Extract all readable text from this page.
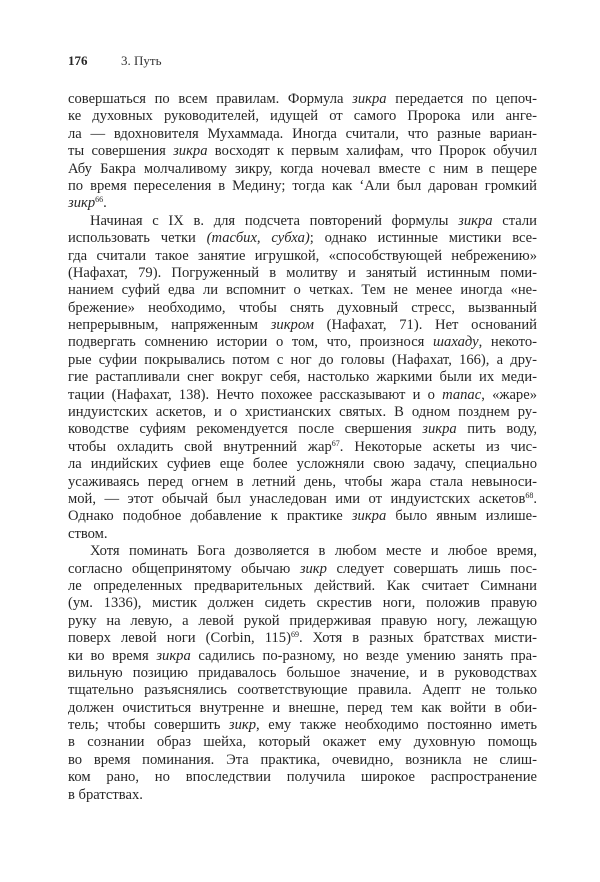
176	3. Путь
совершаться по всем правилам. Формула зикра передается по цепоч-
ке духовных руководителей, идущей от самого Пророка или анге-
ла — вдохновителя Мухаммада. Иногда считали, что разные вариан-
ты совершения зикра восходят к первым халифам, что Пророк обучил
Абу Бакра молчаливому зикру, когда ночевал вместе с ним в пещере
по время переселения в Медину; тогда как ‘Али был дарован громкий
зикр$^{66}$.
Начиная с IX в. для подсчета повторений формулы зикра стали
использовать четки (тасбих, субха); однако истинные мистики все-
гда считали такое занятие игрушкой, «способствующей небрежению»
(Нафахат, 79). Погруженный в молитву и занятый истинным поми-
нанием суфий едва ли вспомнит о четках. Тем не менее иногда «не-
брежение» необходимо, чтобы снять духовный стресс, вызванный
непрерывным, напряженным зикром (Нафахат, 71). Нет оснований
подвергать сомнению истории о том, что, произнося шахаду, некото-
рые суфии покрывались потом с ног до головы (Нафахат, 166), а дру-
гие растапливали снег вокруг себя, настолько жаркими были их меди-
тации (Нафахат, 138). Нечто похожее рассказывают и о тапас, «жаре»
индуистских аскетов, и о христианских святых. В одном позднем ру-
ководстве суфиям рекомендуется после свершения зикра пить воду,
чтобы охладить свой внутренний жар$^{67}$. Некоторые аскеты из чис-
ла индийских суфиев еще более усложняли свою задачу, специально
усаживаясь перед огнем в летний день, чтобы жара стала невыноси-
мой, — этот обычай был унаследован ими от индуистских аскетов$^{68}$.
Однако подобное добавление к практике зикра было явным излише-
ством.
Хотя поминать Бога дозволяется в любом месте и любое время,
согласно общепринятому обычаю зикр следует совершать лишь пос-
ле определенных предварительных действий. Как считает Симнани
(ум. 1336), мистик должен сидеть скрестив ноги, положив правую
руку на левую, а левой рукой придерживая правую ногу, лежащую
поверх левой ноги (Corbin, 115)$^{69}$. Хотя в разных братствах мисти-
ки во время зикра садились по-разному, но везде умению занять пра-
вильную позицию придавалось большое значение, и в руководствах
тщательно разъяснялись соответствующие правила. Адепт не только
должен очиститься внутренне и внешне, перед тем как войти в оби-
тель; чтобы совершить зикр, ему также необходимо постоянно иметь
в сознании образ шейха, который окажет ему духовную помощь
во время поминания. Эта практика, очевидно, возникла не слиш-
ком рано, но впоследствии получила широкое распространение
в братствах.
